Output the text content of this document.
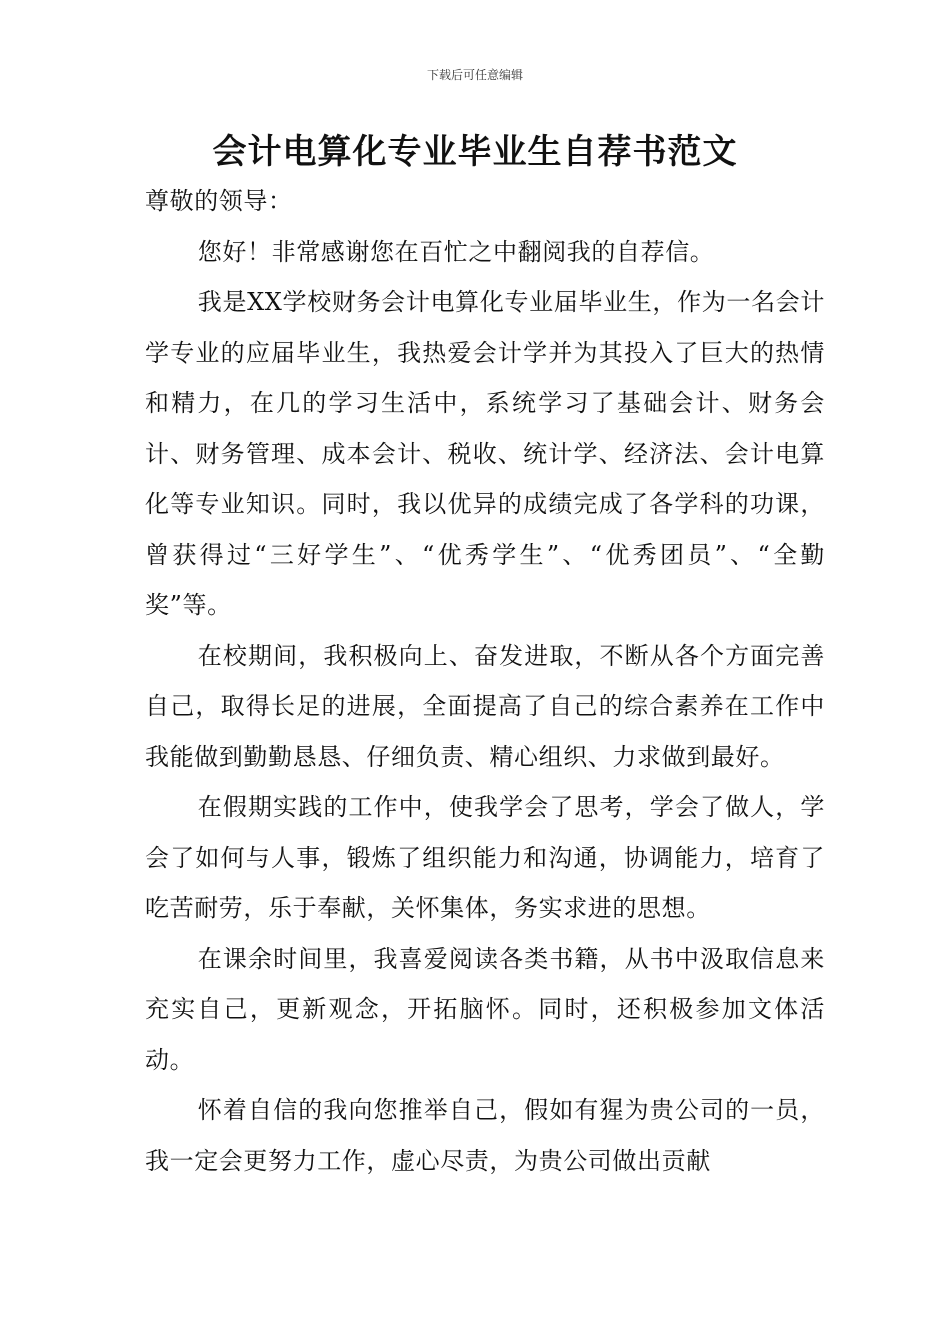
下载后可任意编辑
会计电算化专业毕业生自荐书范文

尊敬的领导：

您好！非常感谢您在百忙之中翻阅我的自荐信。

我是XX学校财务会计电算化专业届毕业生，作为一名会计学专业的应届毕业生，我热爱会计学并为其投入了巨大的热情和精力，在几的学习生活中，系统学习了基础会计、财务会计、财务管理、成本会计、税收、统计学、经济法、会计电算化等专业知识。同时，我以优异的成绩完成了各学科的功课，曾获得过“三好学生”、“优秀学生”、“优秀团员”、“全勤奖”等。

在校期间，我积极向上、奋发进取，不断从各个方面完善自己，取得长足的进展，全面提高了自己的综合素养在工作中我能做到勤勤恳恳、仔细负责、精心组织、力求做到最好。

在假期实践的工作中，使我学会了思考，学会了做人，学会了如何与人事，锻炼了组织能力和沟通，协调能力，培育了吃苦耐劳，乐于奉献，关怀集体，务实求进的思想。

在课余时间里，我喜爱阅读各类书籍，从书中汲取信息来充实自己，更新观念，开拓脑怀。同时，还积极参加文体活动。

怀着自信的我向您推举自己，假如有猩为贵公司的一员，我一定会更努力工作，虚心尽责，为贵公司做出贡献
